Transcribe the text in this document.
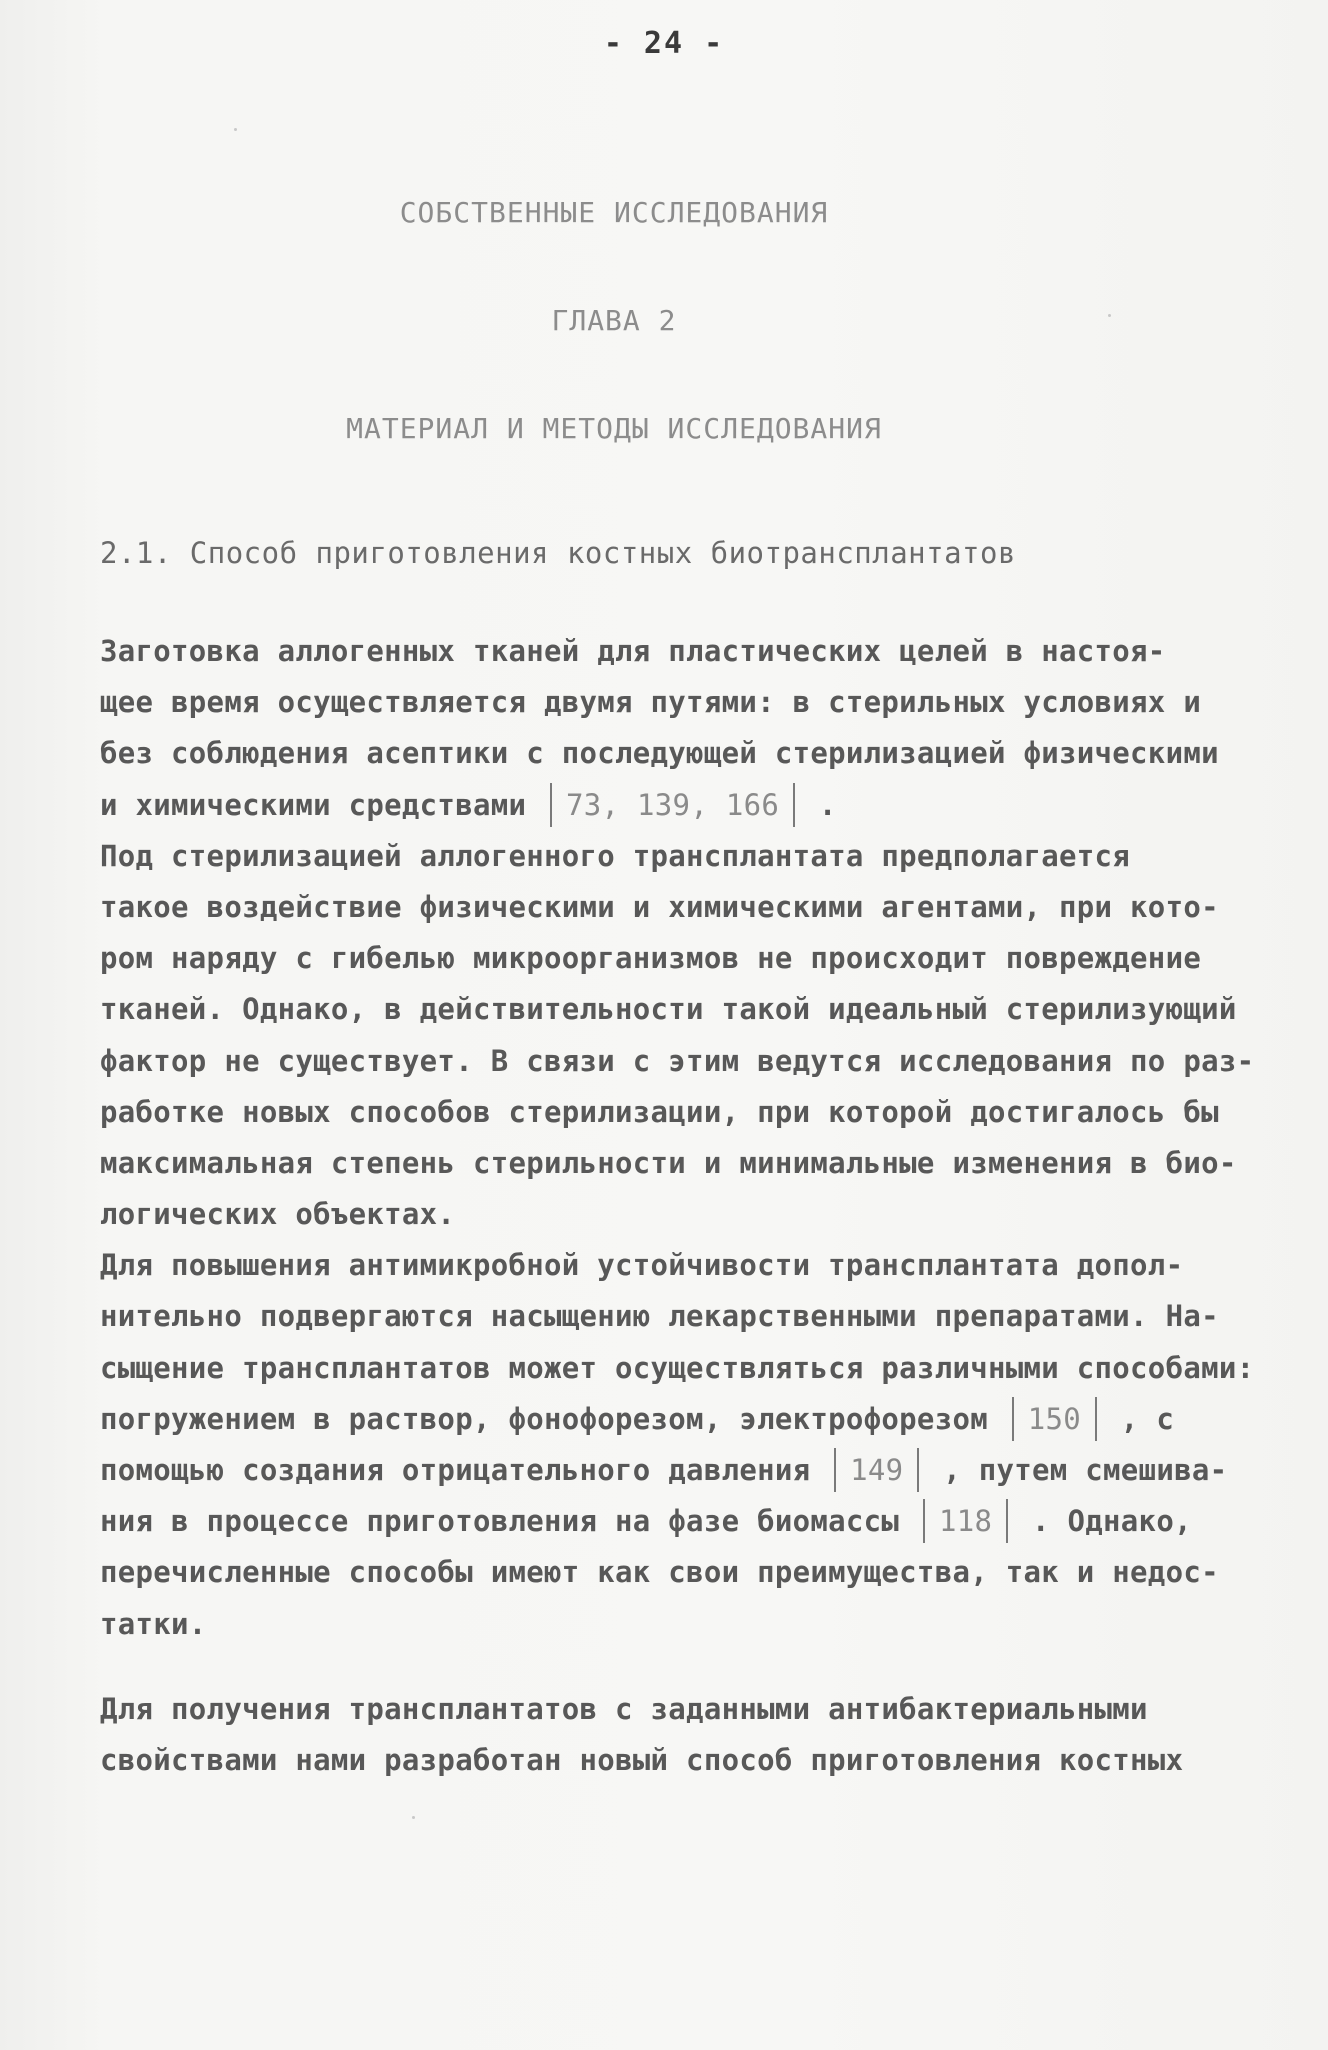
- 24 -
СОБСТВЕННЫЕ ИССЛЕДОВАНИЯ
ГЛАВА 2
МАТЕРИАЛ И МЕТОДЫ ИССЛЕДОВАНИЯ
2.1. Способ приготовления костных биотрансплантатов
Заготовка аллогенных тканей для пластических целей в настоя-
щее время осуществляется двумя путями: в стерильных условиях и
без соблюдения асептики с последующей стерилизацией физическими
и химическими средствами 73, 139, 166 .
Под стерилизацией аллогенного трансплантата предполагается
такое воздействие физическими и химическими агентами, при кото-
ром наряду с гибелью микроорганизмов не происходит повреждение
тканей. Однако, в действительности такой идеальный стерилизующий
фактор не существует. В связи с этим ведутся исследования по раз-
работке новых способов стерилизации, при которой достигалось бы
максимальная степень стерильности и минимальные изменения в био-
логических объектах.
Для повышения антимикробной устойчивости трансплантата допол-
нительно подвергаются насыщению лекарственными препаратами. На-
сыщение трансплантатов может осуществляться различными способами:
погружением в раствор, фонофорезом, электрофорезом 150 , с
помощью создания отрицательного давления 149 , путем смешива-
ния в процессе приготовления на фазе биомассы 118 . Однако,
перечисленные способы имеют как свои преимущества, так и недос-
татки.
Для получения трансплантатов с заданными антибактериальными
свойствами нами разработан новый способ приготовления костных
